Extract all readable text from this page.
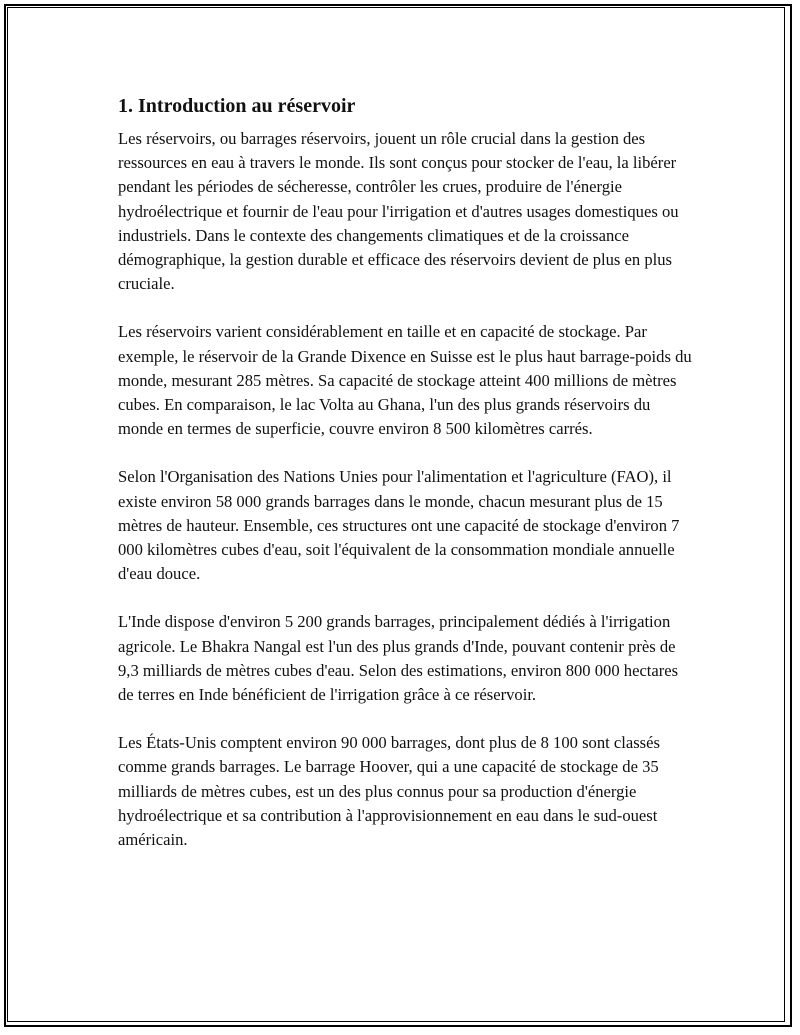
1. Introduction au réservoir

Les réservoirs, ou barrages réservoirs, jouent un rôle crucial dans la gestion des ressources en eau à travers le monde. Ils sont conçus pour stocker de l'eau, la libérer pendant les périodes de sécheresse, contrôler les crues, produire de l'énergie hydroélectrique et fournir de l'eau pour l'irrigation et d'autres usages domestiques ou industriels. Dans le contexte des changements climatiques et de la croissance démographique, la gestion durable et efficace des réservoirs devient de plus en plus cruciale.

Les réservoirs varient considérablement en taille et en capacité de stockage. Par exemple, le réservoir de la Grande Dixence en Suisse est le plus haut barrage-poids du monde, mesurant 285 mètres. Sa capacité de stockage atteint 400 millions de mètres cubes. En comparaison, le lac Volta au Ghana, l'un des plus grands réservoirs du monde en termes de superficie, couvre environ 8 500 kilomètres carrés.

Selon l'Organisation des Nations Unies pour l'alimentation et l'agriculture (FAO), il existe environ 58 000 grands barrages dans le monde, chacun mesurant plus de 15 mètres de hauteur. Ensemble, ces structures ont une capacité de stockage d'environ 7 000 kilomètres cubes d'eau, soit l'équivalent de la consommation mondiale annuelle d'eau douce.

L'Inde dispose d'environ 5 200 grands barrages, principalement dédiés à l'irrigation agricole. Le Bhakra Nangal est l'un des plus grands d'Inde, pouvant contenir près de 9,3 milliards de mètres cubes d'eau. Selon des estimations, environ 800 000 hectares de terres en Inde bénéficient de l'irrigation grâce à ce réservoir.

Les États-Unis comptent environ 90 000 barrages, dont plus de 8 100 sont classés comme grands barrages. Le barrage Hoover, qui a une capacité de stockage de 35 milliards de mètres cubes, est un des plus connus pour sa production d'énergie hydroélectrique et sa contribution à l'approvisionnement en eau dans le sud-ouest américain.
